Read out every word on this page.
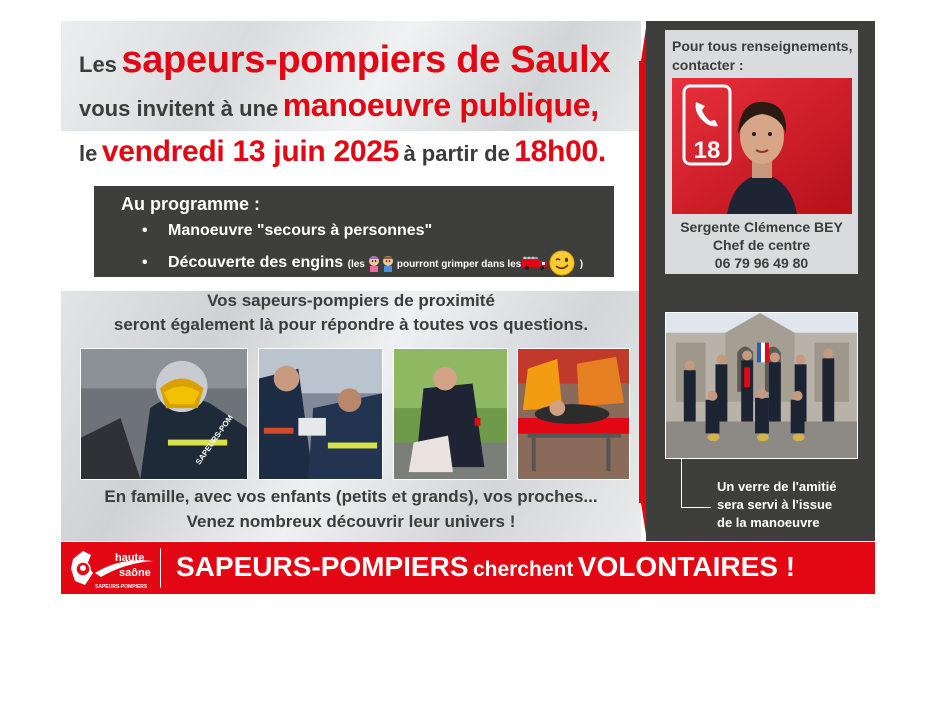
Les sapeurs-pompiers de Saulx
vous invitent à une manoeuvre publique,
le vendredi 13 juin 2025 à partir de 18h00.
Au programme :
• Manoeuvre "secours à personnes"
• Découverte des engins (les	pourront grimper dans les	)
Vos sapeurs-pompiers de proximité
seront également là pour répondre à toutes vos questions.
SAPEURS-POM
En famille, avec vos enfants (petits et grands), vos proches...
Venez nombreux découvrir leur univers !
Pour tous renseignements,
contacter :
18
Sergente Clémence BEY
Chef de centre
06 79 96 49 80
Un verre de l'amitié
sera servi à l'issue
de la manoeuvre
haute
saône
SAPEURS-POMPIERS
SAPEURS-POMPIERS cherchent VOLONTAIRES !
